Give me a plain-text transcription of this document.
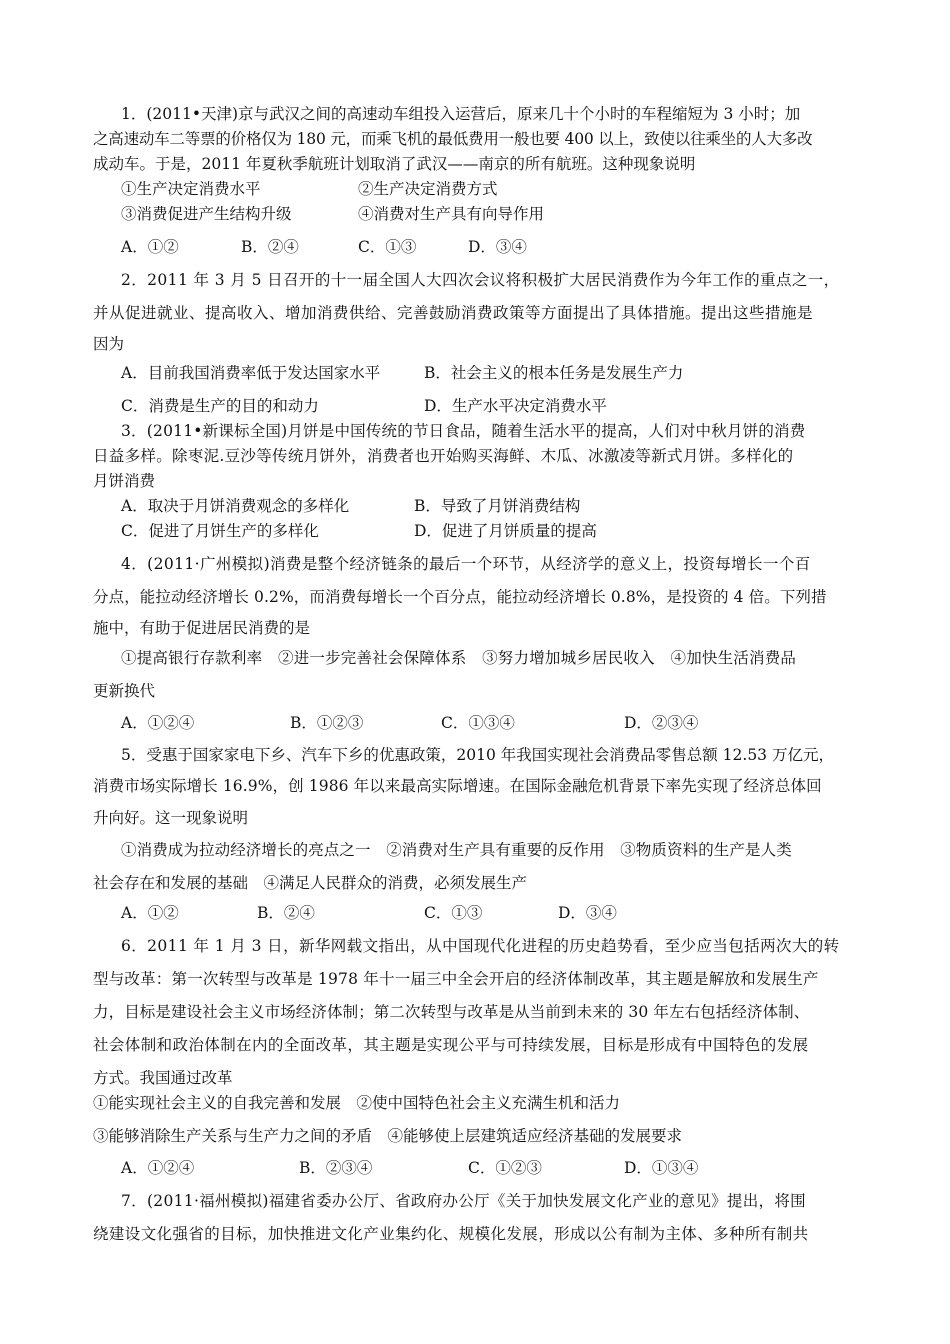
1．(2011•天津)京与武汉之间的高速动车组投入运营后，原来几十个小时的车程缩短为 3 小时；加
之高速动车二等票的价格仅为 180 元，而乘飞机的最低费用一般也要 400 以上，致使以往乘坐的人大多改
成动车。于是，2011 年夏秋季航班计划取消了武汉——南京的所有航班。这种现象说明
①生产决定消费水平	②生产决定消费方式
③消费促进产生结构升级	④消费对生产具有向导作用
A．①②	B．②④	C．①③	D．③④
2．2011 年 3 月 5 日召开的十一届全国人大四次会议将积极扩大居民消费作为今年工作的重点之一，
并从促进就业、提高收入、增加消费供给、完善鼓励消费政策等方面提出了具体措施。提出这些措施是
因为
A．目前我国消费率低于发达国家水平	B．社会主义的根本任务是发展生产力
C．消费是生产的目的和动力	D．生产水平决定消费水平
3．(2011•新课标全国)月饼是中国传统的节日食品，随着生活水平的提高，人们对中秋月饼的消费
日益多样。除枣泥.豆沙等传统月饼外，消费者也开始购买海鲜、木瓜、冰激凌等新式月饼。多样化的
月饼消费
A．取决于月饼消费观念的多样化	B．导致了月饼消费结构
C．促进了月饼生产的多样化	D．促进了月饼质量的提高
4．(2011·广州模拟)消费是整个经济链条的最后一个环节，从经济学的意义上，投资每增长一个百
分点，能拉动经济增长 0.2%，而消费每增长一个百分点，能拉动经济增长 0.8%，是投资的 4 倍。下列措
施中，有助于促进居民消费的是
①提高银行存款利率　②进一步完善社会保障体系　③努力增加城乡居民收入　④加快生活消费品
更新换代
A．①②④	B．①②③	C．①③④	D．②③④
5．受惠于国家家电下乡、汽车下乡的优惠政策，2010 年我国实现社会消费品零售总额 12.53 万亿元，
消费市场实际增长 16.9%，创 1986 年以来最高实际增速。在国际金融危机背景下率先实现了经济总体回
升向好。这一现象说明
①消费成为拉动经济增长的亮点之一　②消费对生产具有重要的反作用　③物质资料的生产是人类
社会存在和发展的基础　④满足人民群众的消费，必须发展生产
A．①②	B．②④	C．①③	D．③④
6．2011 年 1 月 3 日，新华网载文指出，从中国现代化进程的历史趋势看，至少应当包括两次大的转
型与改革：第一次转型与改革是 1978 年十一届三中全会开启的经济体制改革，其主题是解放和发展生产
力，目标是建设社会主义市场经济体制；第二次转型与改革是从当前到未来的 30 年左右包括经济体制、
社会体制和政治体制在内的全面改革，其主题是实现公平与可持续发展，目标是形成有中国特色的发展
方式。我国通过改革
①能实现社会主义的自我完善和发展　②使中国特色社会主义充满生机和活力
③能够消除生产关系与生产力之间的矛盾　④能够使上层建筑适应经济基础的发展要求
A．①②④	B．②③④	C．①②③	D．①③④
7．(2011·福州模拟)福建省委办公厅、省政府办公厅《关于加快发展文化产业的意见》提出，将围
绕建设文化强省的目标，加快推进文化产业集约化、规模化发展，形成以公有制为主体、多种所有制共
